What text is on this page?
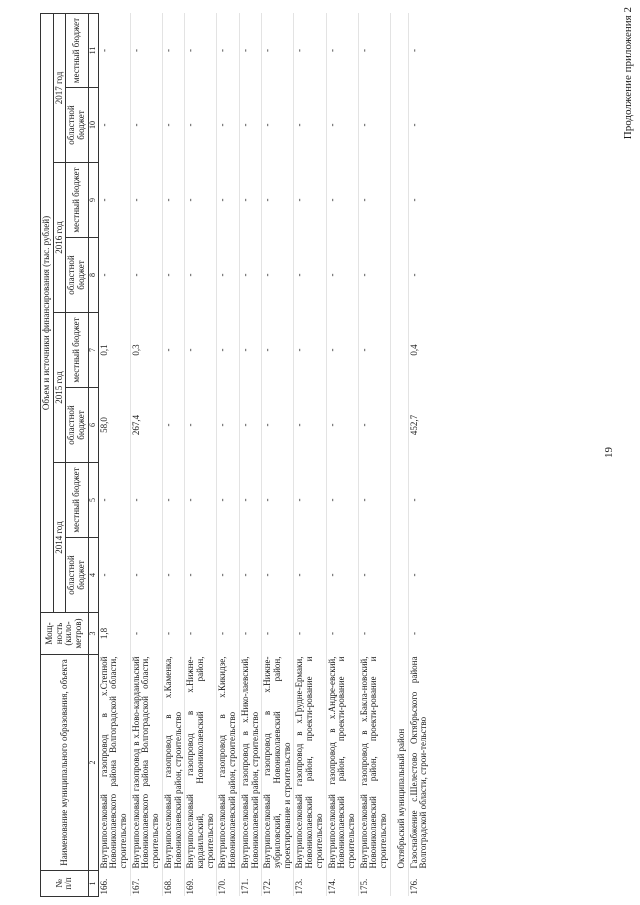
Продолжение приложения 2
19
№
п/п	Наименование муниципального образования, объекта	Мощ-
ность
(кило-
метров)	Объем и источники финансирования (тыс. рублей)							
			2014 год		2015 год		2016 год		2017 год	
			областной бюджет	местный бюджет	областной бюджет	местный бюджет	областной бюджет	местный бюджет	областной бюджет	местный бюджет
1	2	3	4	5	6	7	8	9	10	11
166.	Внутрипоселковый газопровод в х.Степной Новониколаевского района Волгоградской области, строительство	1,8	-	-	58,0	0,1	-	-	-	-
167.	Внутрипоселковый газопровод в х.Ново-кардаильский Новониколаевского района Волгоградской области, строительство	-	-	-	267,4	0,3	-	-	-	-
168.	Внутрипоселковый газопровод в х.Каменка, Новониколаевский район, строительство	-	-	-	-	-	-	-	-	-
169.	Внутрипоселковый газопровод в х.Нижне-кардаильский, Новониколаевский район, строительство	-	-	-	-	-	-	-	-	-
170.	Внутрипоселковый газопровод в х.Кикидзе, Новониколаевский район, строительство	-	-	-	-	-	-	-	-	-
171.	Внутрипоселковый газопровод в х.Нико-лаевский, Новониколаевский район, строительство	-	-	-	-	-	-	-	-	-
172.	Внутрипоселковый газопровод в х.Нижне-зубриловский, Новониколаевский район, проектирование и строительство	-	-	-	-	-	-	-	-	-
173.	Внутрипоселковый газопровод в х.Грудне-Ермаки, Новониколаевский район, проекти-рование и строительство	-	-	-	-	-	-	-	-	-
174.	Внутрипоселковый газопровод в х.Андре-евский, Новониколаевский район, проекти-рование и строительство	-	-	-	-	-	-	-	-	-
175.	Внутрипоселковый газопровод в х.Бакла-новский, Новониколаевский район, проекти-рование и строительство	-	-	-	-	-	-	-	-	-
	Октябрьский муниципальный район									
176.	Газоснабжение с.Шелестово Октябрьского района Волгоградской области, строи-тельство	-	-	-	452,7	0,4	-	-	-	-
